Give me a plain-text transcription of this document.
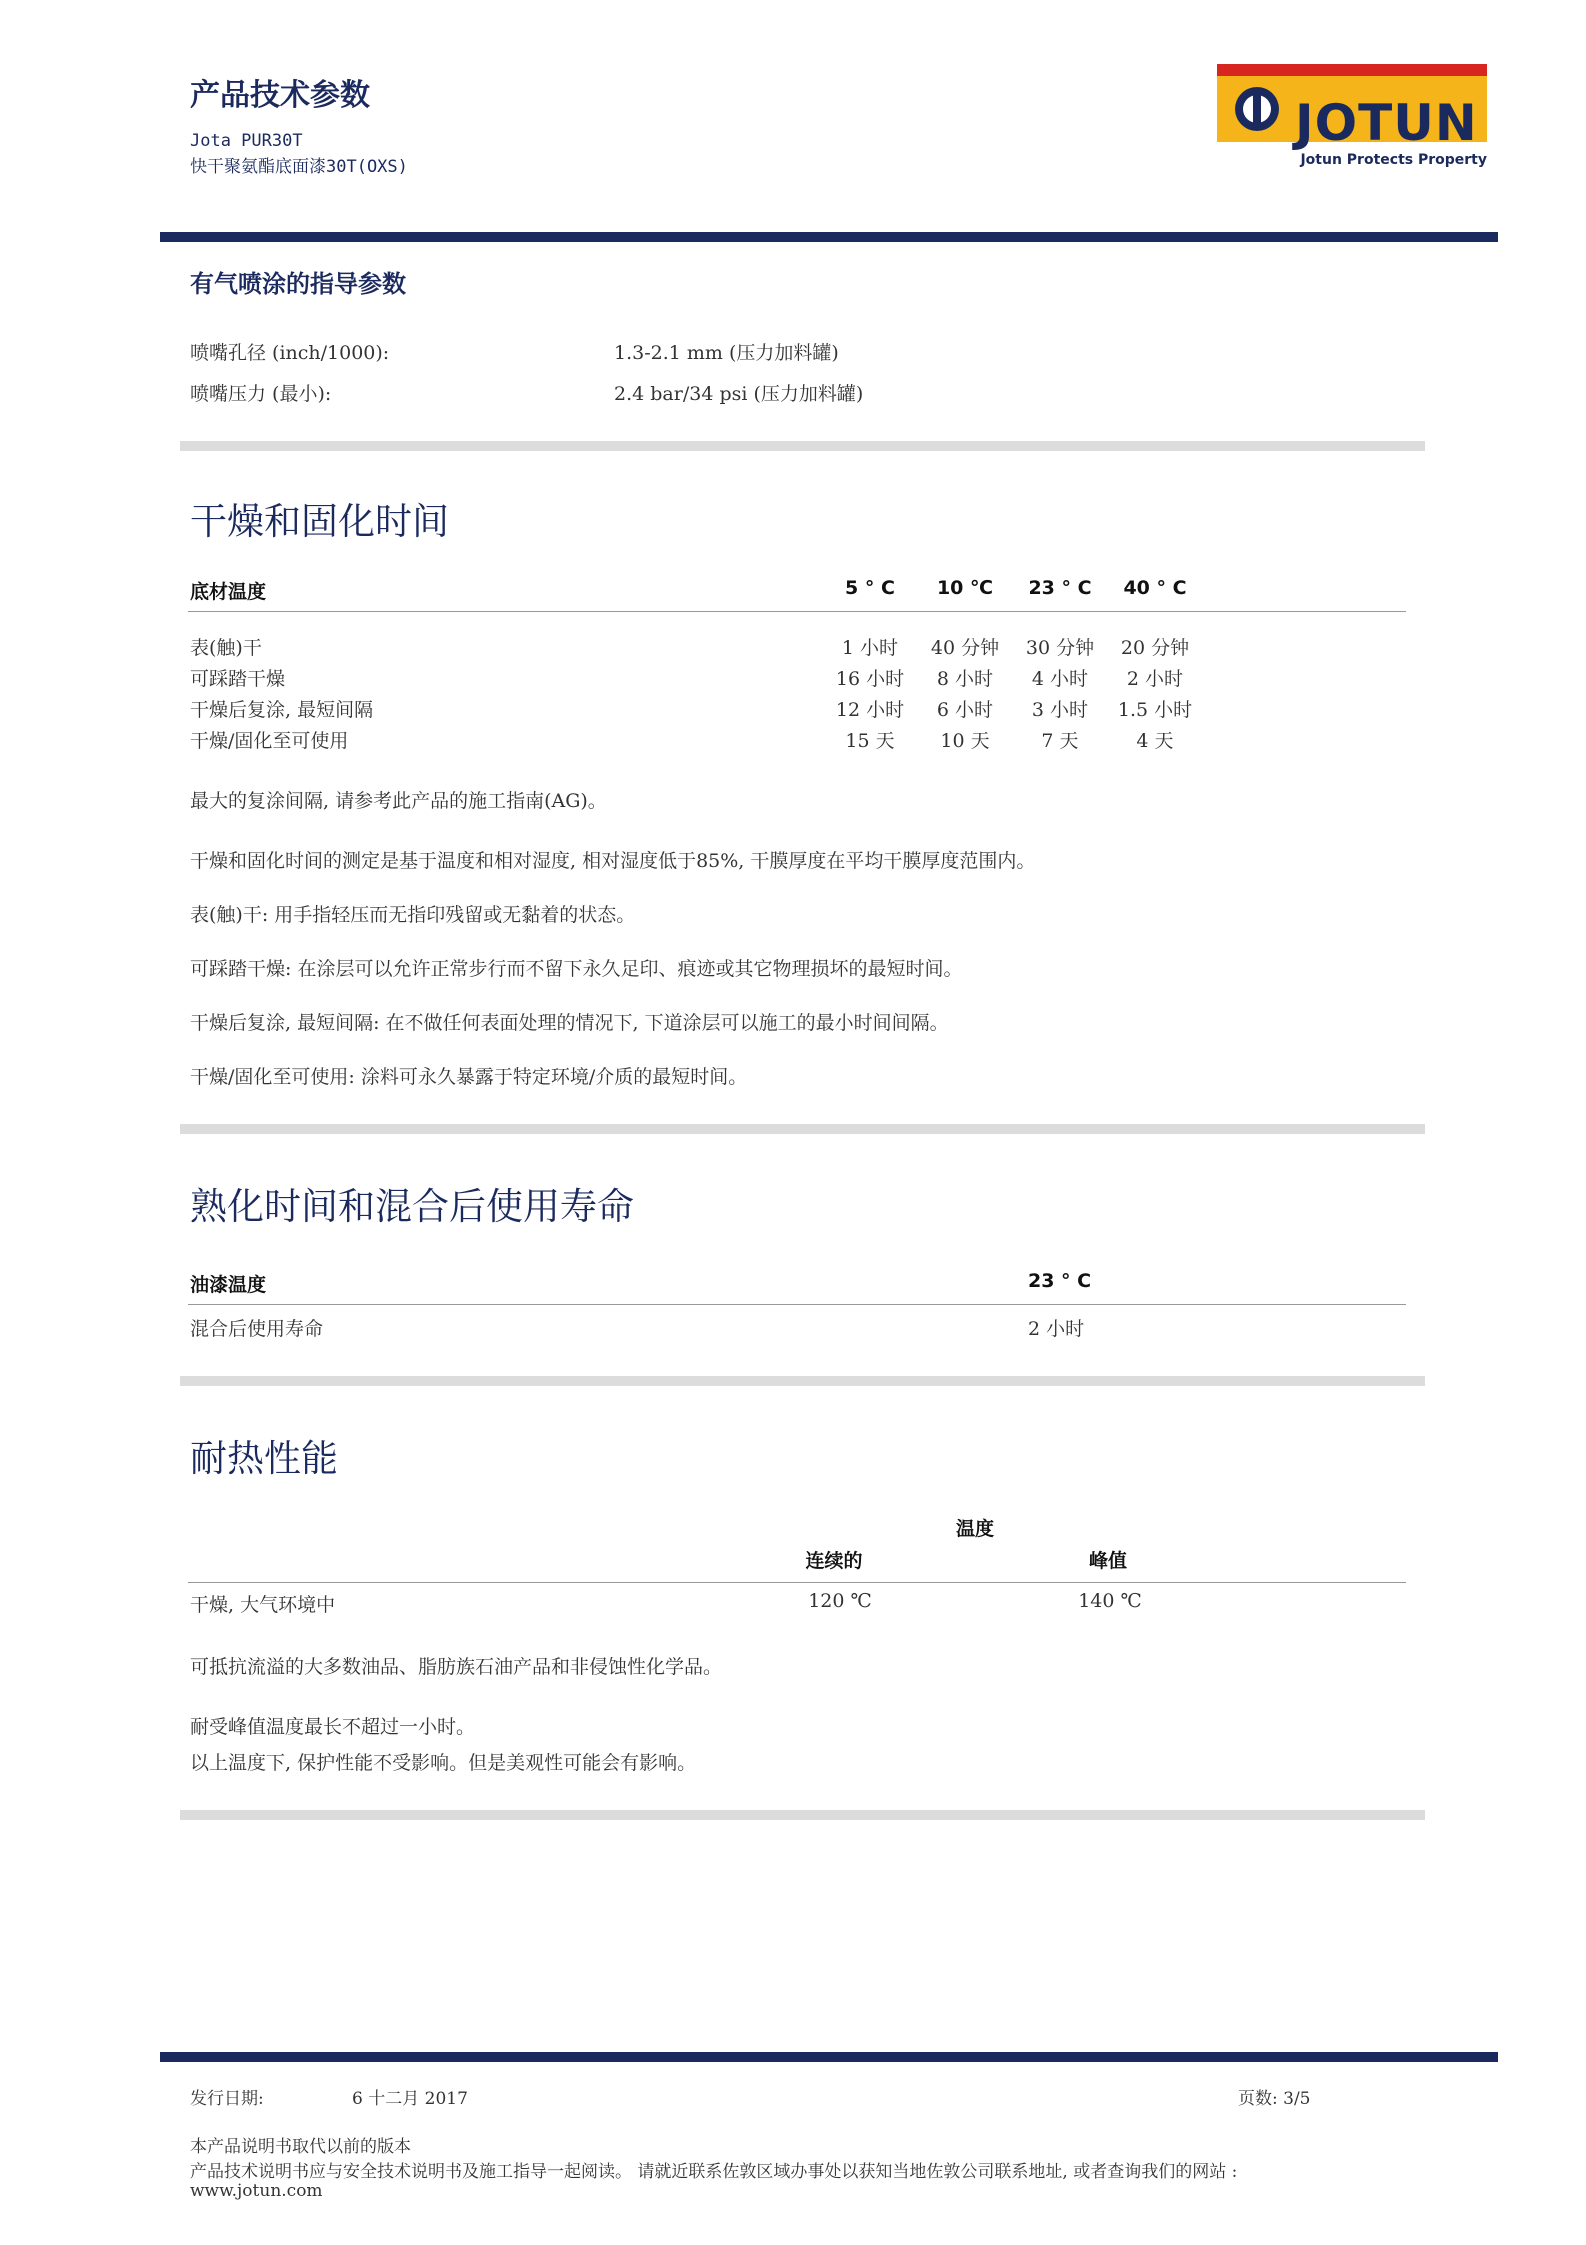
产品技术参数
Jota PUR30T
快干聚氨酯底面漆30T(OXS)
JOTUN
Jotun Protects Property
有气喷涂的指导参数
喷嘴孔径 (inch/1000):	1.3-2.1 mm (压力加料罐)
喷嘴压力 (最小):	2.4 bar/34 psi (压力加料罐)
干燥和固化时间
底材温度	5 ° C	10 ℃	23 ° C	40 ° C
表(触)干	1 小时	40 分钟	30 分钟	20 分钟
可踩踏干燥	16 小时	8 小时	4 小时	2 小时
干燥后复涂, 最短间隔	12 小时	6 小时	3 小时	1.5 小时
干燥/固化至可使用	15 天	10 天	7 天	4 天
最大的复涂间隔, 请参考此产品的施工指南(AG)。
干燥和固化时间的测定是基于温度和相对湿度, 相对湿度低于85%, 干膜厚度在平均干膜厚度范围内。
表(触)干: 用手指轻压而无指印残留或无黏着的状态。
可踩踏干燥: 在涂层可以允许正常步行而不留下永久足印、痕迹或其它物理损坏的最短时间。
干燥后复涂, 最短间隔: 在不做任何表面处理的情况下, 下道涂层可以施工的最小时间间隔。
干燥/固化至可使用: 涂料可永久暴露于特定环境/介质的最短时间。
熟化时间和混合后使用寿命
油漆温度	23 ° C
混合后使用寿命	2 小时
耐热性能
温度
连续的	峰值
干燥, 大气环境中	120 ℃	140 ℃
可抵抗流溢的大多数油品、脂肪族石油产品和非侵蚀性化学品。
耐受峰值温度最长不超过一小时。
以上温度下, 保护性能不受影响。但是美观性可能会有影响。
发行日期:	6 十二月 2017	页数: 3/5
本产品说明书取代以前的版本
产品技术说明书应与安全技术说明书及施工指导一起阅读。 请就近联系佐敦区域办事处以获知当地佐敦公司联系地址, 或者查询我们的网站 :
www.jotun.com
